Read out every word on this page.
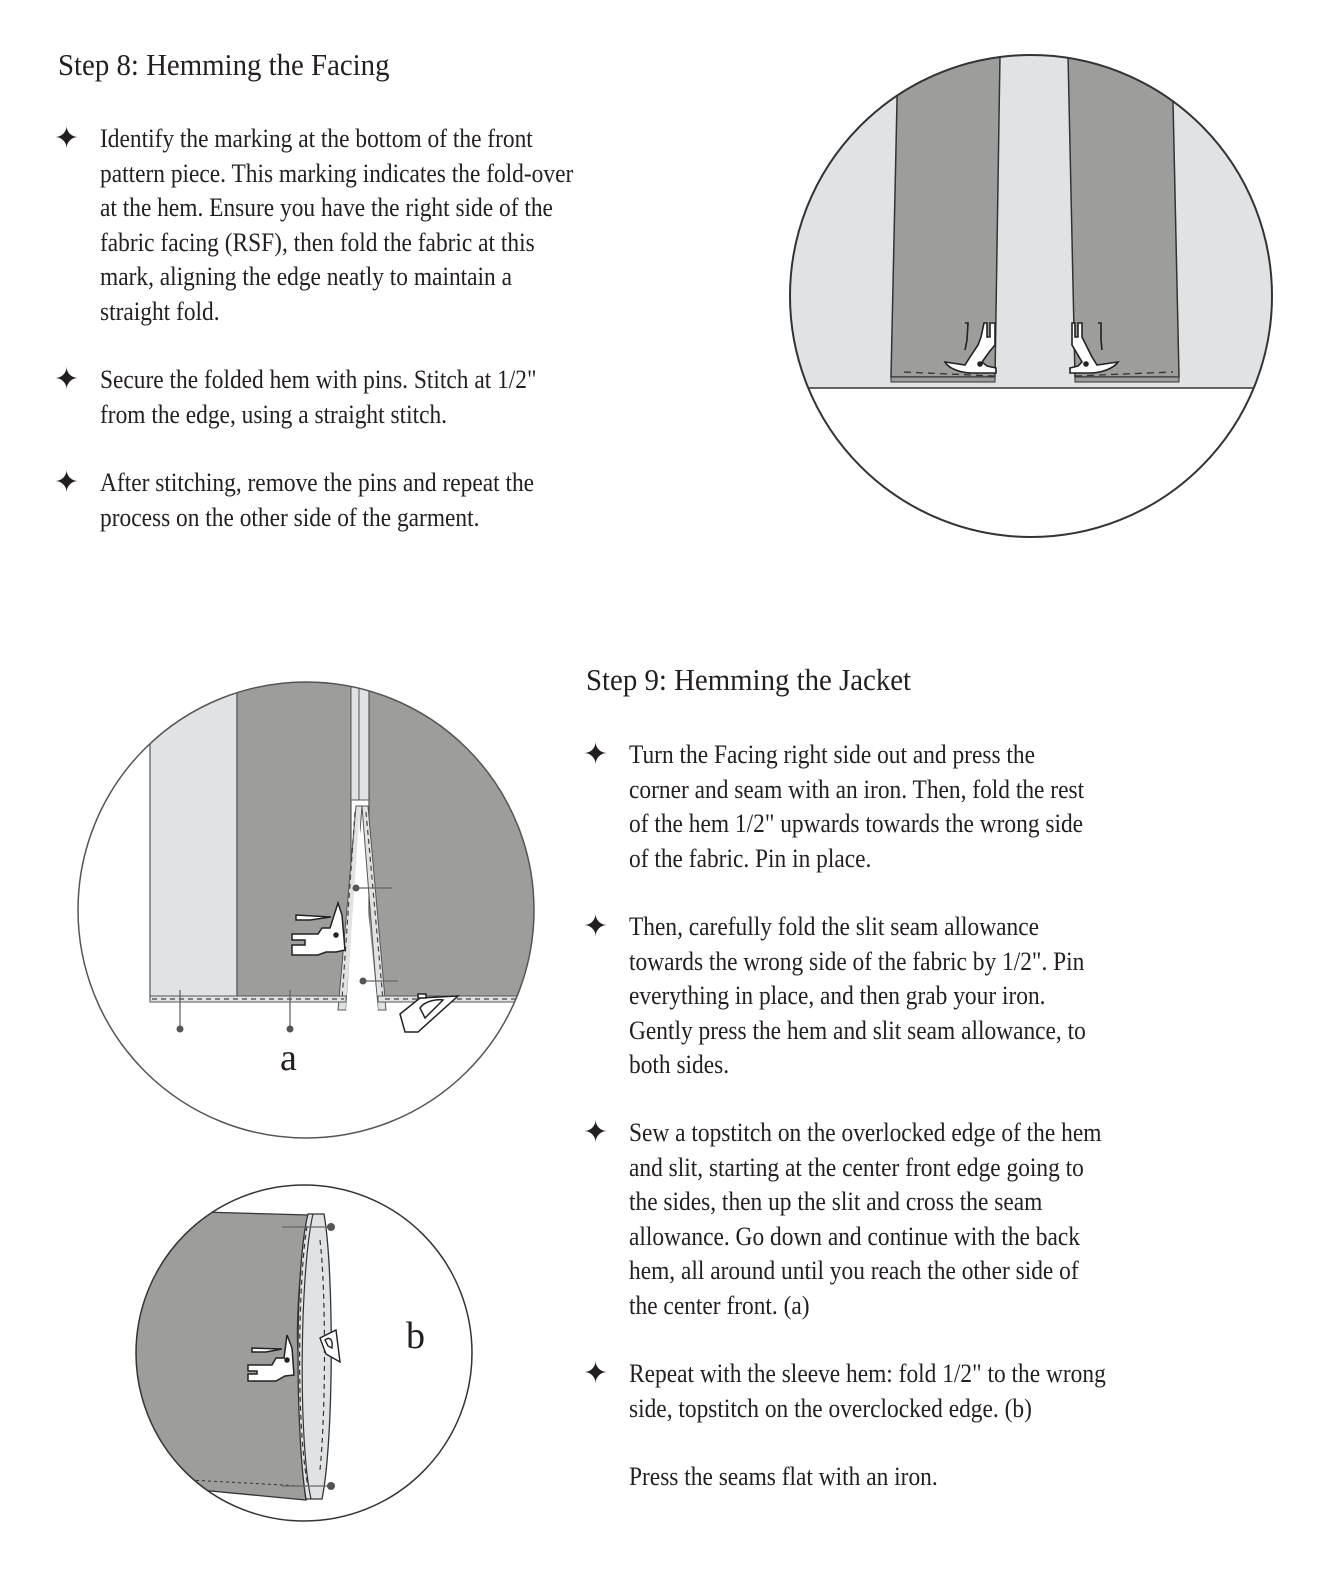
Step 8: Hemming the Facing
✦ Identify the marking at the bottom of the front
pattern piece. This marking indicates the fold-over
at the hem. Ensure you have the right side of the
fabric facing (RSF), then fold the fabric at this
mark, aligning the edge neatly to maintain a
straight fold.
✦ Secure the folded hem with pins. Stitch at 1/2"
from the edge, using a straight stitch.
✦ After stitching, remove the pins and repeat the
process on the other side of the garment.
a
b
Step 9: Hemming the Jacket
✦ Turn the Facing right side out and press the
corner and seam with an iron. Then, fold the rest
of the hem 1/2" upwards towards the wrong side
of the fabric. Pin in place.
✦ Then, carefully fold the slit seam allowance
towards the wrong side of the fabric by 1/2". Pin
everything in place, and then grab your iron.
Gently press the hem and slit seam allowance, to
both sides.
✦ Sew a topstitch on the overlocked edge of the hem
and slit, starting at the center front edge going to
the sides, then up the slit and cross the seam
allowance. Go down and continue with the back
hem, all around until you reach the other side of
the center front. (a)
✦ Repeat with the sleeve hem: fold 1/2" to the wrong
side, topstitch on the overclocked edge. (b)
Press the seams flat with an iron.
